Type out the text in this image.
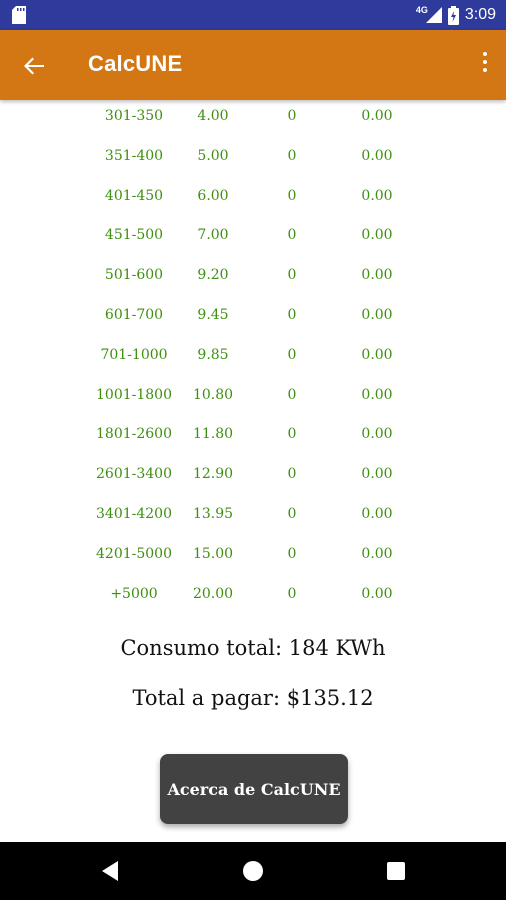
4G 3:09
CalcUNE
301-350	4.00	0	0.00
351-400	5.00	0	0.00
401-450	6.00	0	0.00
451-500	7.00	0	0.00
501-600	9.20	0	0.00
601-700	9.45	0	0.00
701-1000	9.85	0	0.00
1001-1800	10.80	0	0.00
1801-2600	11.80	0	0.00
2601-3400	12.90	0	0.00
3401-4200	13.95	0	0.00
4201-5000	15.00	0	0.00
+5000	20.00	0	0.00
Consumo total: 184 KWh
Total a pagar: $135.12
Acerca de CalcUNE
